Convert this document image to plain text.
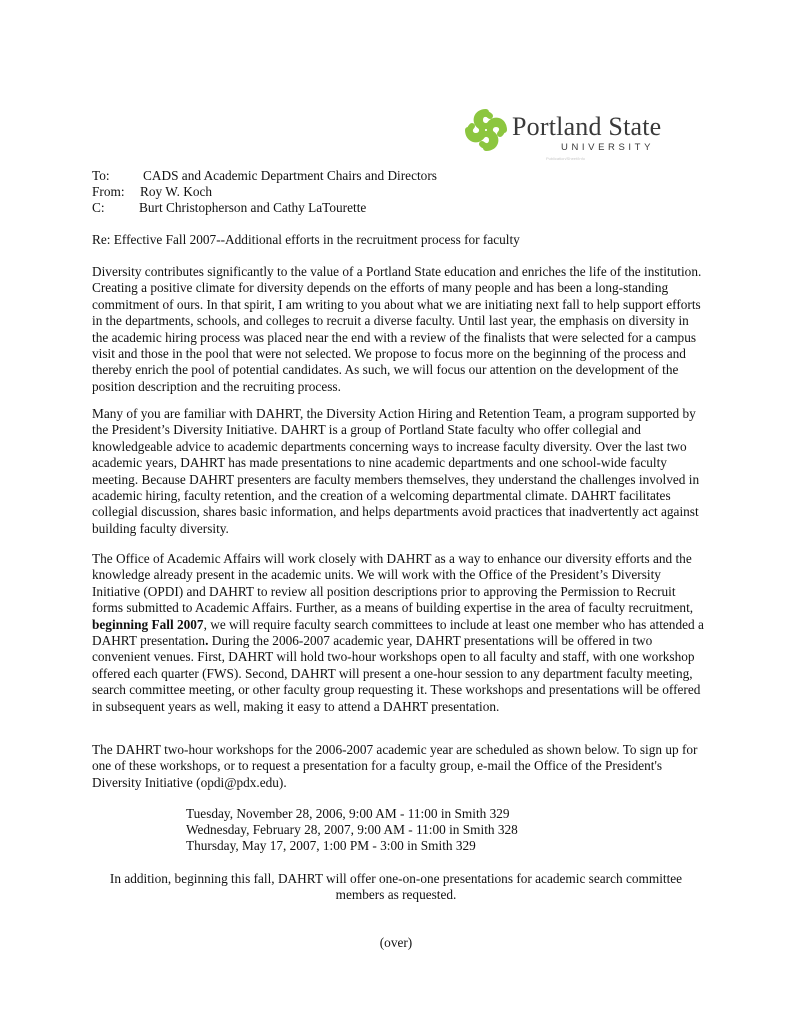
Portland State
UNIVERSITY
Publication/Sheet/Info
To:	CADS and Academic Department Chairs and Directors
From: Roy W. Koch
C:	Burt Christopherson and Cathy LaTourette
Re: Effective Fall 2007--Additional efforts in the recruitment process for faculty

Diversity contributes significantly to the value of a Portland State education and enriches the life of the institution. Creating a positive climate for diversity depends on the efforts of many people and has been a long-standing commitment of ours. In that spirit, I am writing to you about what we are initiating next fall to help support efforts in the departments, schools, and colleges to recruit a diverse faculty. Until last year, the emphasis on diversity in the academic hiring process was placed near the end with a review of the finalists that were selected for a campus visit and those in the pool that were not selected. We propose to focus more on the beginning of the process and thereby enrich the pool of potential candidates. As such, we will focus our attention on the development of the position description and the recruiting process.

Many of you are familiar with DAHRT, the Diversity Action Hiring and Retention Team, a program supported by the President’s Diversity Initiative. DAHRT is a group of Portland State faculty who offer collegial and knowledgeable advice to academic departments concerning ways to increase faculty diversity. Over the last two academic years, DAHRT has made presentations to nine academic departments and one school-wide faculty meeting. Because DAHRT presenters are faculty members themselves, they understand the challenges involved in academic hiring, faculty retention, and the creation of a welcoming departmental climate. DAHRT facilitates collegial discussion, shares basic information, and helps departments avoid practices that inadvertently act against building faculty diversity.

The Office of Academic Affairs will work closely with DAHRT as a way to enhance our diversity efforts and the knowledge already present in the academic units. We will work with the Office of the President’s Diversity Initiative (OPDI) and DAHRT to review all position descriptions prior to approving the Permission to Recruit forms submitted to Academic Affairs. Further, as a means of building expertise in the area of faculty recruitment, beginning Fall 2007, we will require faculty search committees to include at least one member who has attended a DAHRT presentation. During the 2006-2007 academic year, DAHRT presentations will be offered in two convenient venues. First, DAHRT will hold two-hour workshops open to all faculty and staff, with one workshop offered each quarter (FWS). Second, DAHRT will present a one-hour session to any department faculty meeting, search committee meeting, or other faculty group requesting it. These workshops and presentations will be offered in subsequent years as well, making it easy to attend a DAHRT presentation.

The DAHRT two-hour workshops for the 2006-2007 academic year are scheduled as shown below. To sign up for one of these workshops, or to request a presentation for a faculty group, e-mail the Office of the President's Diversity Initiative (opdi@pdx.edu).

Tuesday, November 28, 2006, 9:00 AM - 11:00 in Smith 329
Wednesday, February 28, 2007, 9:00 AM - 11:00 in Smith 328
Thursday, May 17, 2007, 1:00 PM - 3:00 in Smith 329
In addition, beginning this fall, DAHRT will offer one-on-one presentations for academic search committee
members as requested.
(over)
